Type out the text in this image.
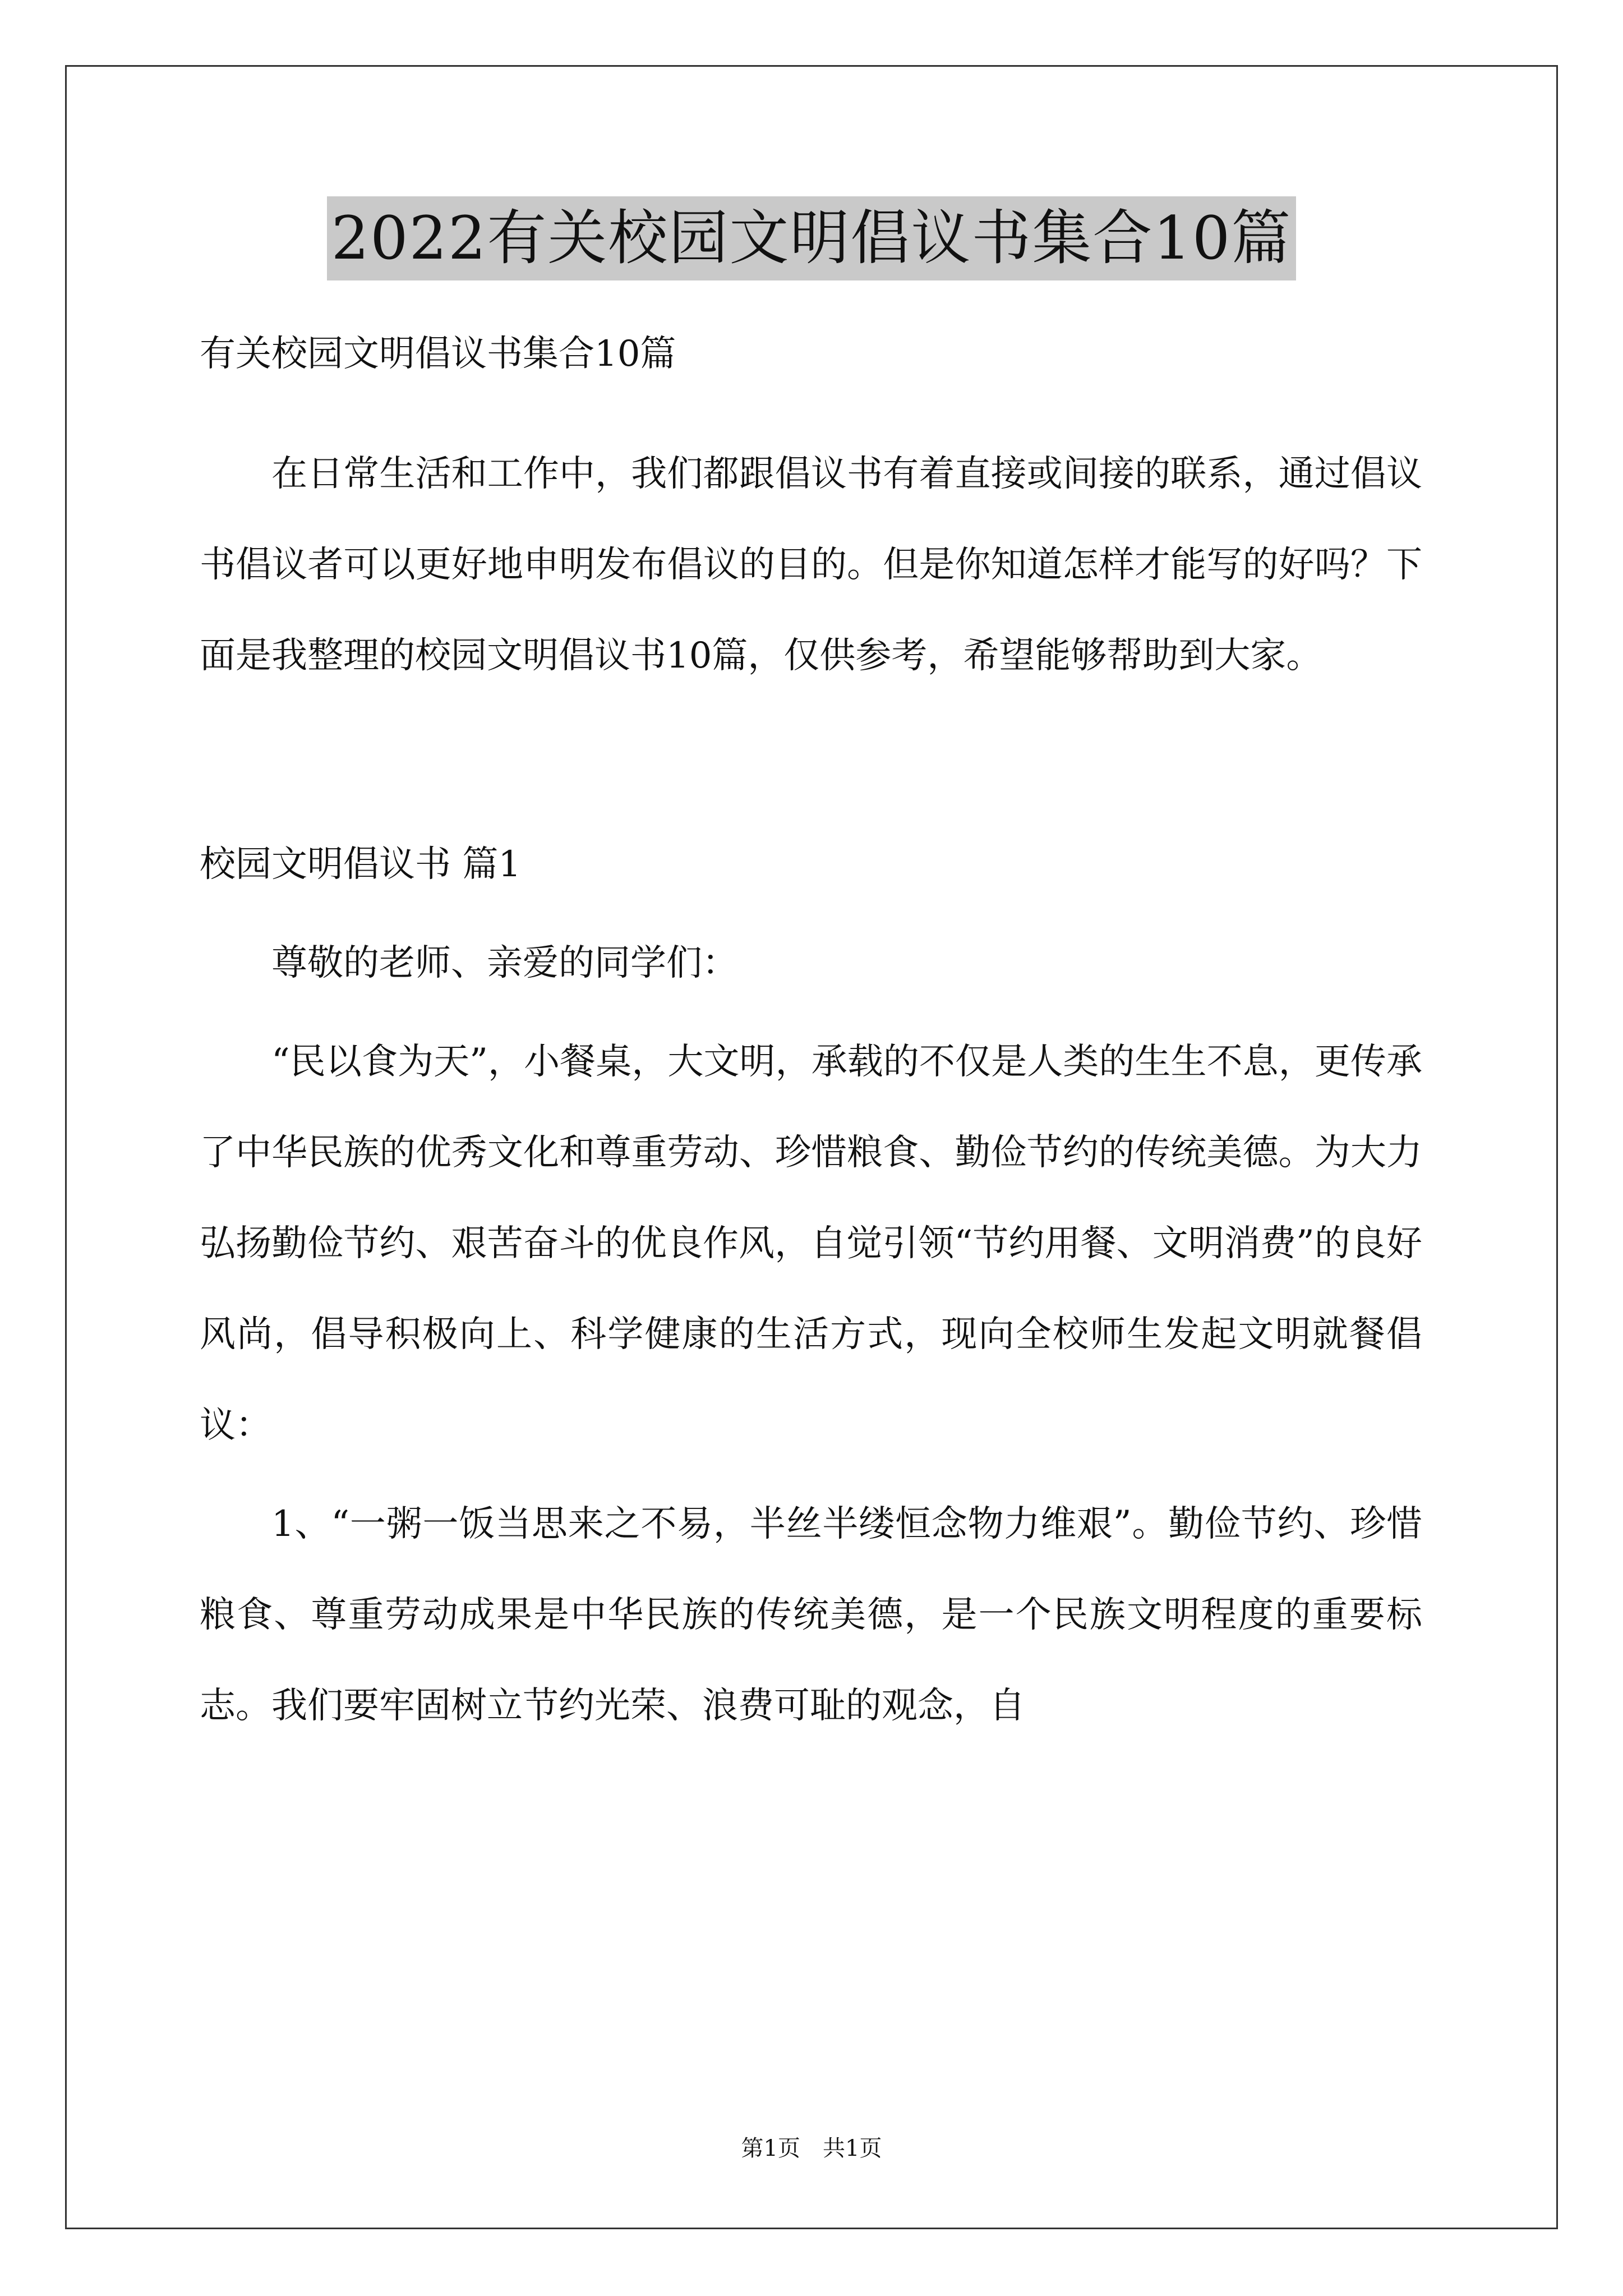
2022有关校园文明倡议书集合10篇

有关校园文明倡议书集合10篇

在日常生活和工作中，我们都跟倡议书有着直接或间接的联系，通过倡议书倡议者可以更好地申明发布倡议的目的。但是你知道怎样才能写的好吗？下面是我整理的校园文明倡议书10篇，仅供参考，希望能够帮助到大家。

校园文明倡议书 篇1

尊敬的老师、亲爱的同学们：

“民以食为天”，小餐桌，大文明，承载的不仅是人类的生生不息，更传承了中华民族的优秀文化和尊重劳动、珍惜粮食、勤俭节约的传统美德。为大力弘扬勤俭节约、艰苦奋斗的优良作风，自觉引领“节约用餐、文明消费”的良好风尚，倡导积极向上、科学健康的生活方式，现向全校师生发起文明就餐倡议：

1、“一粥一饭当思来之不易，半丝半缕恒念物力维艰”。勤俭节约、珍惜粮食、尊重劳动成果是中华民族的传统美德，是一个民族文明程度的重要标志。我们要牢固树立节约光荣、浪费可耻的观念，自

第1页 共1页
